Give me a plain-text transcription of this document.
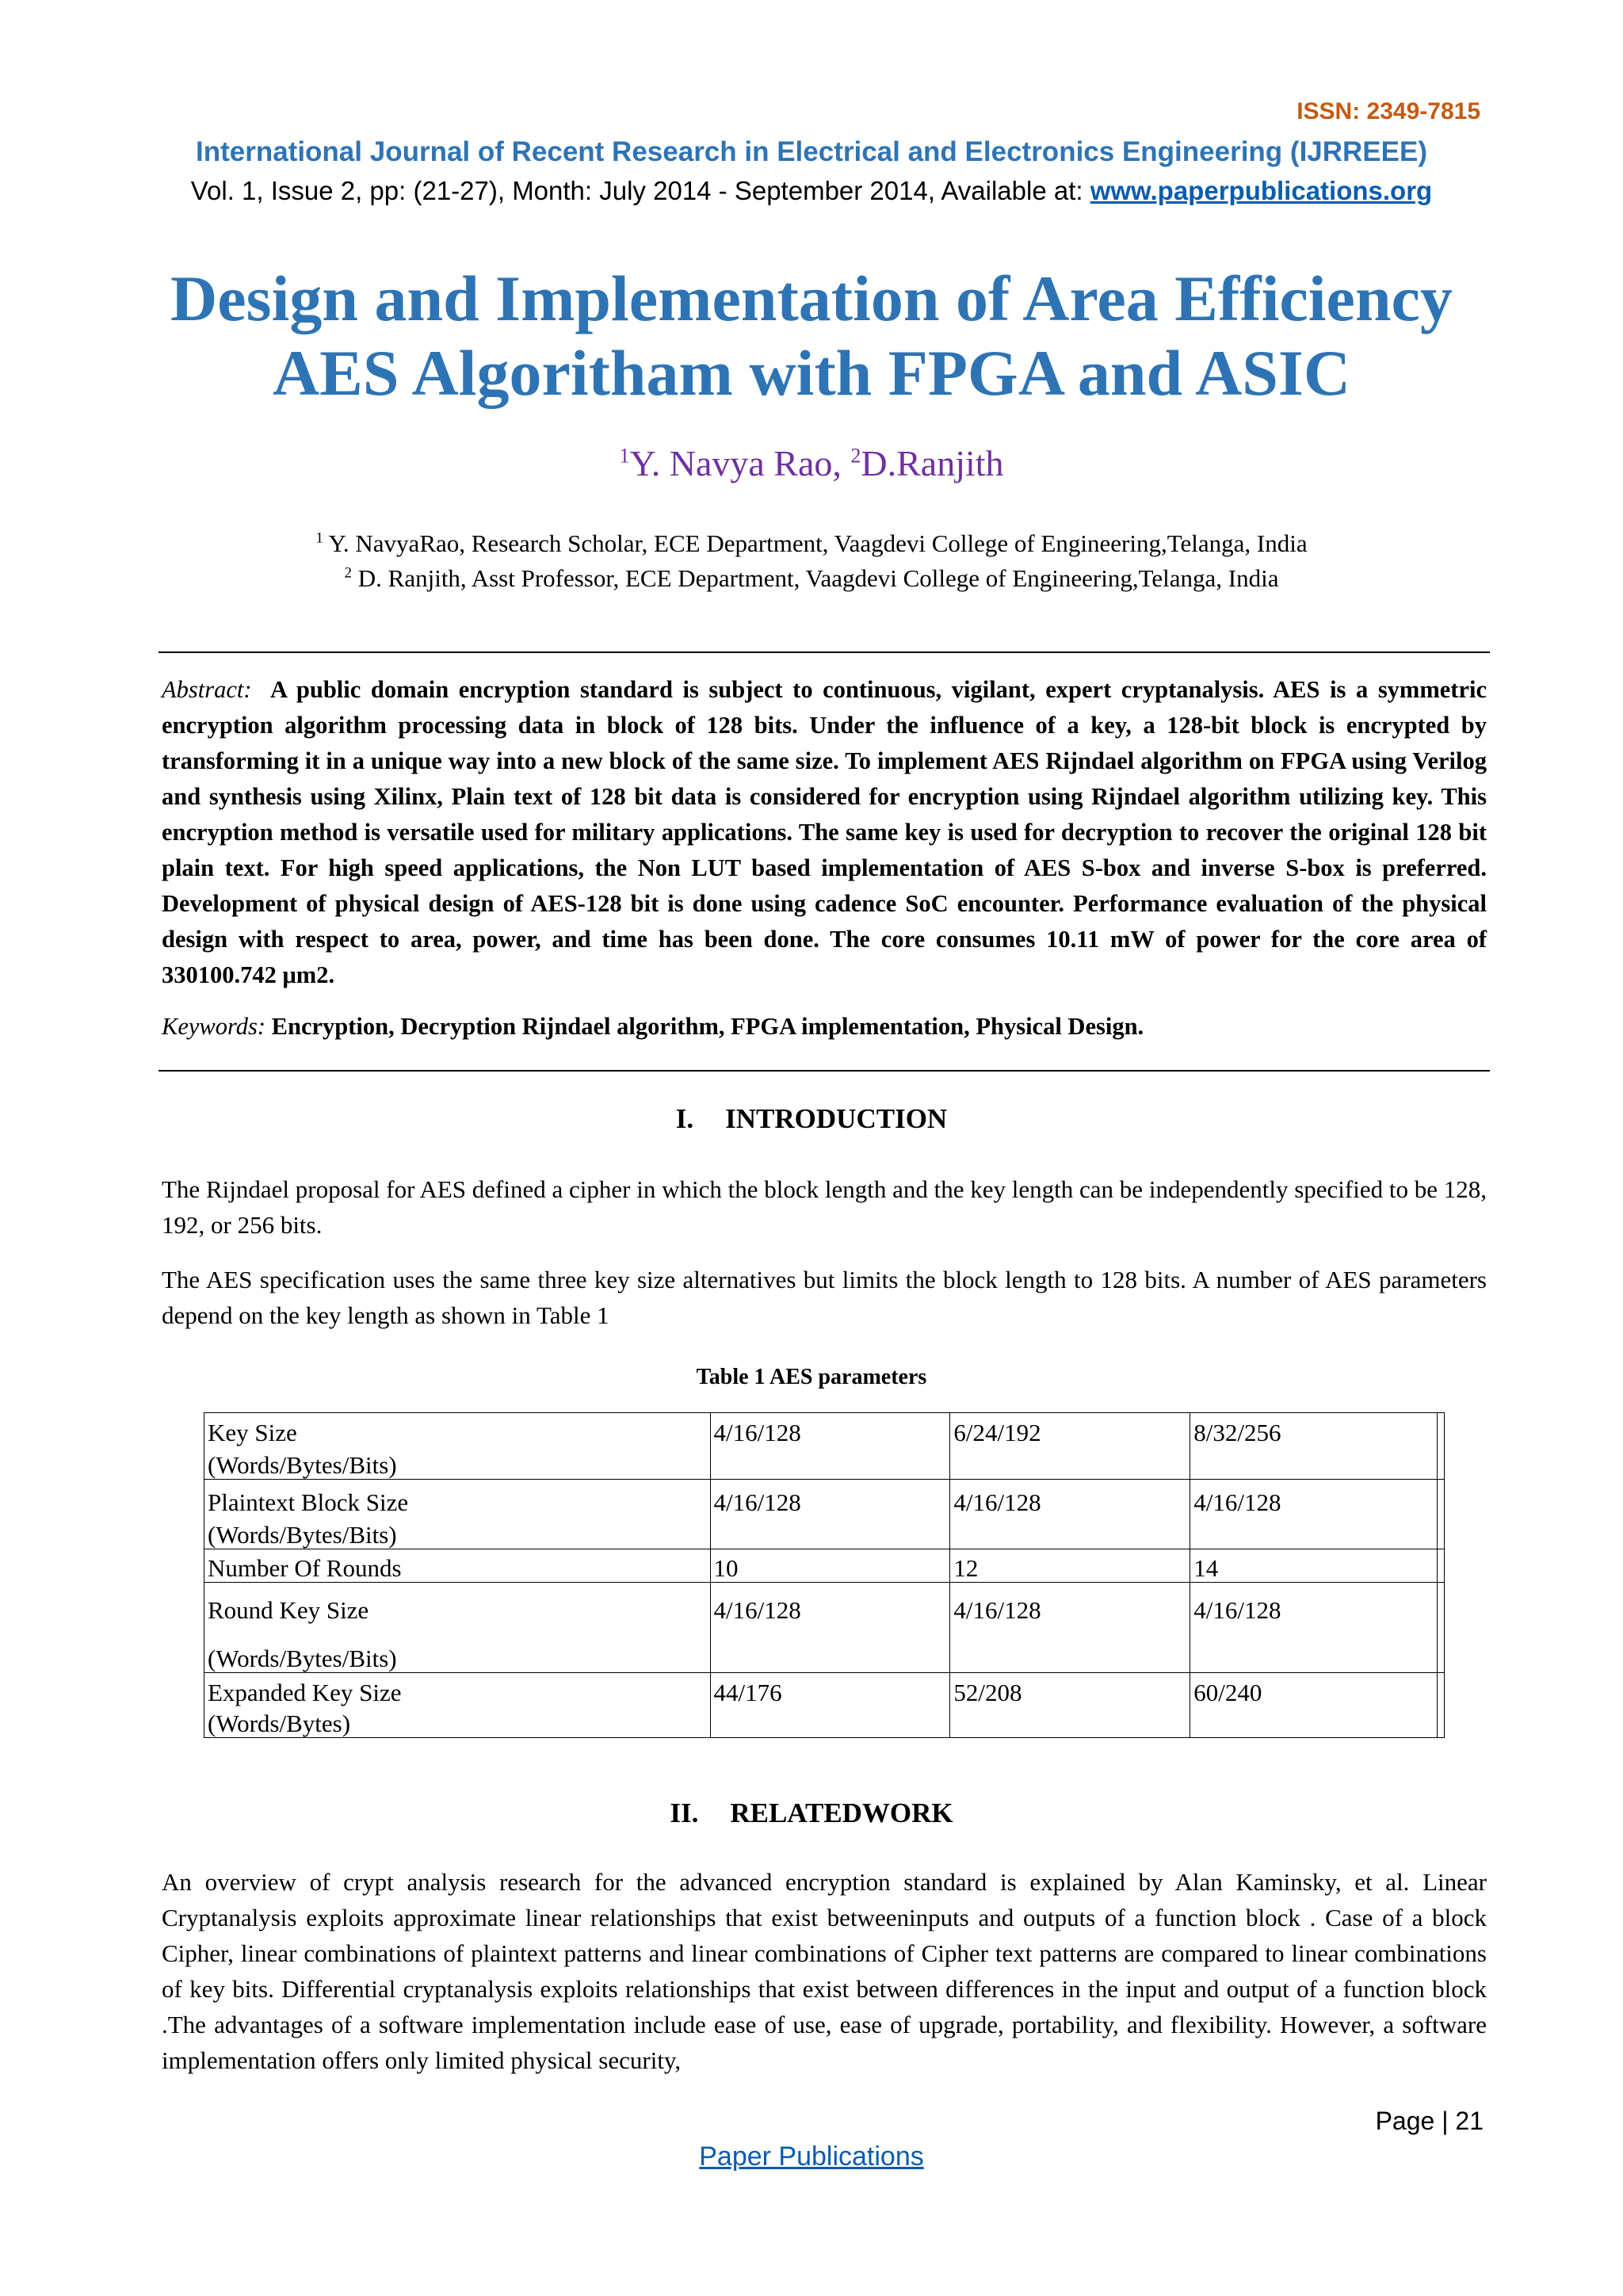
ISSN: 2349-7815
International Journal of Recent Research in Electrical and Electronics Engineering (IJRREEE)
Vol. 1, Issue 2, pp: (21-27), Month: July 2014 - September 2014, Available at: www.paperpublications.org
Design and Implementation of Area Efficiency
AES Algoritham with FPGA and ASIC
$^1$Y. Navya Rao, $^2$D.Ranjith
$^1$ Y. NavyaRao, Research Scholar, ECE Department, Vaagdevi College of Engineering,Telanga, India
$^2$ D. Ranjith, Asst Professor, ECE Department, Vaagdevi College of Engineering,Telanga, India
Abstract: A public domain encryption standard is subject to continuous, vigilant, expert cryptanalysis. AES is a symmetric encryption algorithm processing data in block of 128 bits. Under the influence of a key, a 128-bit block is encrypted by transforming it in a unique way into a new block of the same size. To implement AES Rijndael algorithm on FPGA using Verilog and synthesis using Xilinx, Plain text of 128 bit data is considered for encryption using Rijndael algorithm utilizing key. This encryption method is versatile used for military applications. The same key is used for decryption to recover the original 128 bit plain text. For high speed applications, the Non LUT based implementation of AES S-box and inverse S-box is preferred. Development of physical design of AES-128 bit is done using cadence SoC encounter. Performance evaluation of the physical design with respect to area, power, and time has been done. The core consumes 10.11 mW of power for the core area of 330100.742 μm2.
Keywords: Encryption, Decryption Rijndael algorithm, FPGA implementation, Physical Design.
I. INTRODUCTION
The Rijndael proposal for AES defined a cipher in which the block length and the key length can be independently specified to be 128, 192, or 256 bits.
The AES specification uses the same three key size alternatives but limits the block length to 128 bits. A number of AES parameters depend on the key length as shown in Table 1
Table 1 AES parameters
Key Size	4/16/128	6/24/192	8/32/256	
(Words/Bytes/Bits)				
Plaintext Block Size	4/16/128	4/16/128	4/16/128	
(Words/Bytes/Bits)				
Number Of Rounds	10	12	14	
Round Key Size	4/16/128	4/16/128	4/16/128	
(Words/Bytes/Bits)				
Expanded Key Size	44/176	52/208	60/240	
(Words/Bytes)				
II. RELATEDWORK
An overview of crypt analysis research for the advanced encryption standard is explained by Alan Kaminsky, et al. Linear Cryptanalysis exploits approximate linear relationships that exist betweeninputs and outputs of a function block . Case of a block Cipher, linear combinations of plaintext patterns and linear combinations of Cipher text patterns are compared to linear combinations of key bits. Differential cryptanalysis exploits relationships that exist between differences in the input and output of a function block .The advantages of a software implementation include ease of use, ease of upgrade, portability, and flexibility. However, a software implementation offers only limited physical security,
Page | 21
Paper Publications
